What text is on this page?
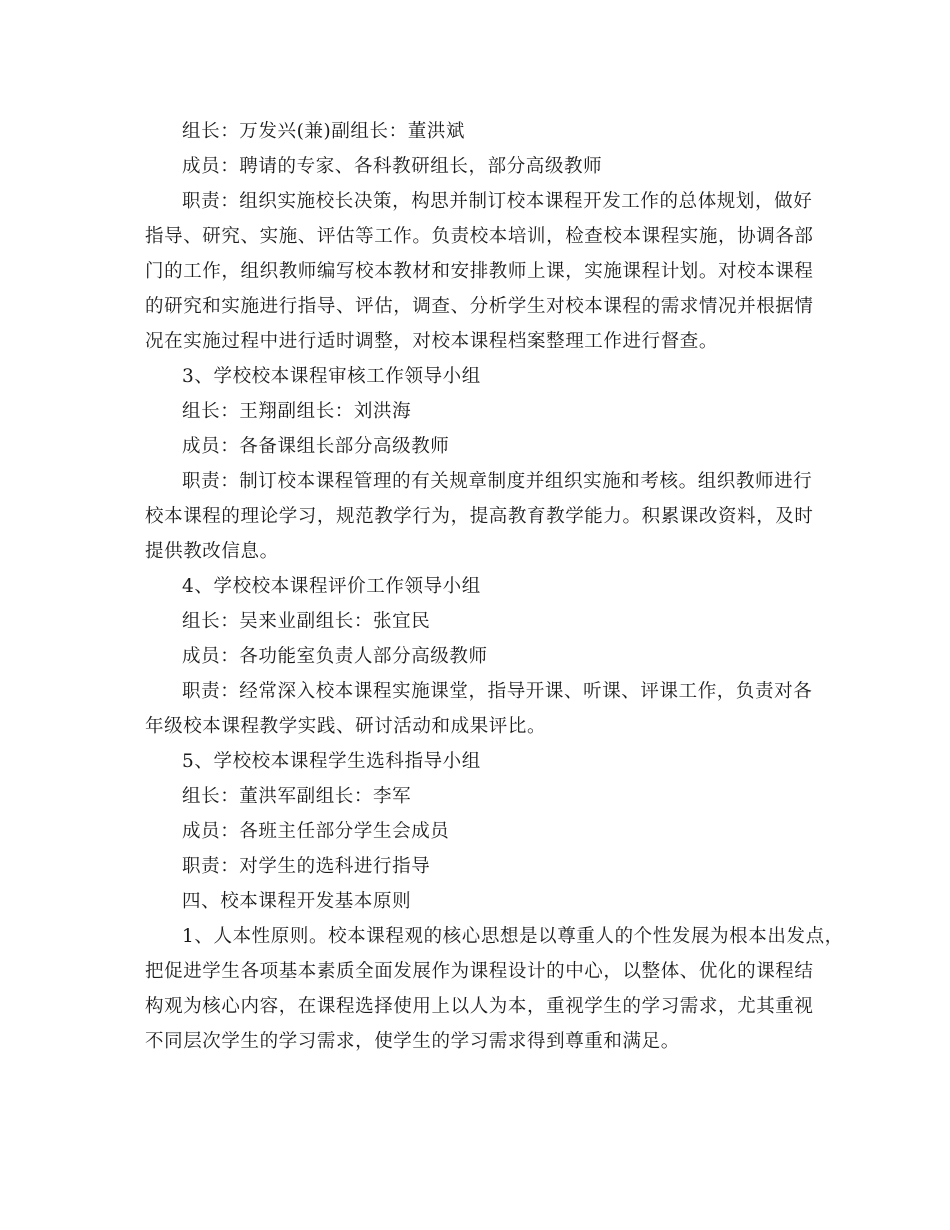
组长：万发兴(兼)副组长：董洪斌
成员：聘请的专家、各科教研组长，部分高级教师
职责：组织实施校长决策，构思并制订校本课程开发工作的总体规划，做好
指导、研究、实施、评估等工作。负责校本培训，检查校本课程实施，协调各部
门的工作，组织教师编写校本教材和安排教师上课，实施课程计划。对校本课程
的研究和实施进行指导、评估，调查、分析学生对校本课程的需求情况并根据情
况在实施过程中进行适时调整，对校本课程档案整理工作进行督查。
3、学校校本课程审核工作领导小组
组长：王翔副组长：刘洪海
成员：各备课组长部分高级教师
职责：制订校本课程管理的有关规章制度并组织实施和考核。组织教师进行
校本课程的理论学习，规范教学行为，提高教育教学能力。积累课改资料，及时
提供教改信息。
4、学校校本课程评价工作领导小组
组长：吴来业副组长：张宜民
成员：各功能室负责人部分高级教师
职责：经常深入校本课程实施课堂，指导开课、听课、评课工作，负责对各
年级校本课程教学实践、研讨活动和成果评比。
5、学校校本课程学生选科指导小组
组长：董洪军副组长：李军
成员：各班主任部分学生会成员
职责：对学生的选科进行指导
四、校本课程开发基本原则
1、人本性原则。校本课程观的核心思想是以尊重人的个性发展为根本出发点，
把促进学生各项基本素质全面发展作为课程设计的中心，以整体、优化的课程结
构观为核心内容，在课程选择使用上以人为本，重视学生的学习需求，尤其重视
不同层次学生的学习需求，使学生的学习需求得到尊重和满足。
